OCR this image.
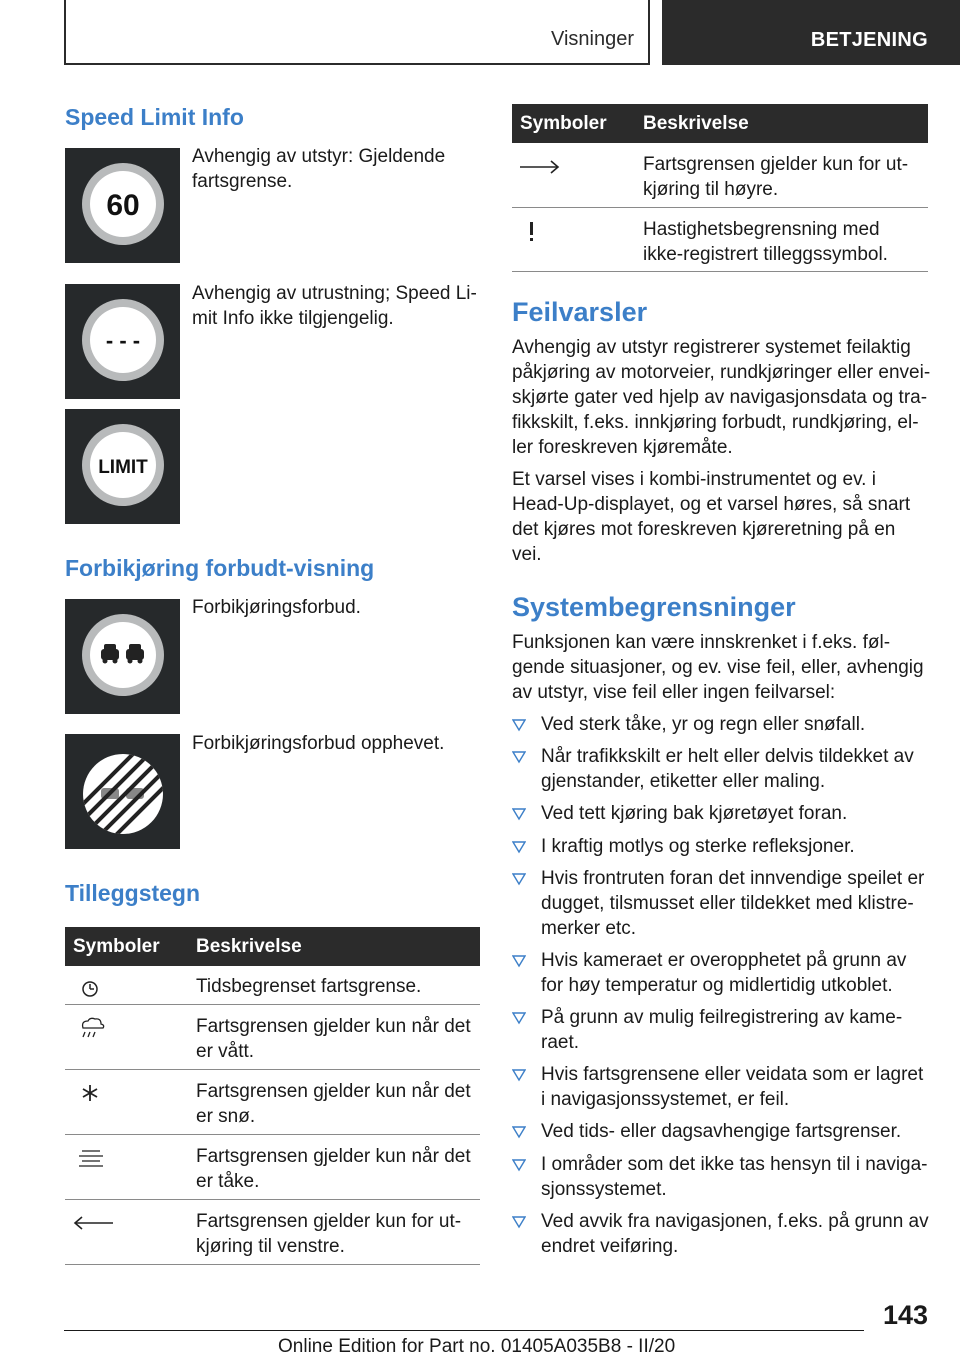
Visninger	BETJENING
Speed Limit Info
60
Avhengig av utstyr: Gjeldende fartsgrense.
- - -
Avhengig av utrustning; Speed Limit Info ikke tilgjengelig.
LIMIT
Forbikjøring forbudt-visning
Forbikjøringsforbud.
Forbikjøringsforbud opphevet.
Tilleggstegn
Symboler Beskrivelse
Tidsbegrenset fartsgrense.
Fartsgrensen gjelder kun når det
er vått.
Fartsgrensen gjelder kun når det
er snø.
Fartsgrensen gjelder kun når det
er tåke.
Fartsgrensen gjelder kun for ut‐
kjøring til venstre.
Symboler Beskrivelse
Fartsgrensen gjelder kun for ut‐
kjøring til høyre.
Hastighetsbegrensning med
ikke-registrert tilleggssymbol.
Feilvarsler
Avhengig av utstyr registrerer systemet feilaktig
påkjøring av motorveier, rundkjøringer eller envei‐
skjørte gater ved hjelp av navigasjonsdata og tra‐
fikkskilt, f.eks. innkjøring forbudt, rundkjøring, el‐
ler foreskreven kjøremåte.
Et varsel vises i kombi-instrumentet og ev. i
Head-Up-displayet, og et varsel høres, så snart
det kjøres mot foreskreven kjøreretning på en
vei.
Systembegrensninger
Funksjonen kan være innskrenket i f.eks. føl‐
gende situasjoner, og ev. vise feil, eller, avhengig
av utstyr, vise feil eller ingen feilvarsel:
Ved sterk tåke, yr og regn eller snøfall.
Når trafikkskilt er helt eller delvis tildekket av
gjenstander, etiketter eller maling.
Ved tett kjøring bak kjøretøyet foran.
I kraftig motlys og sterke refleksjoner.
Hvis frontruten foran det innvendige speilet er
dugget, tilsmusset eller tildekket med klistre‐
merker etc.
Hvis kameraet er overopphetet på grunn av
for høy temperatur og midlertidig utkoblet.
På grunn av mulig feilregistrering av kame‐
raet.
Hvis fartsgrensene eller veidata som er lagret
i navigasjonssystemet, er feil.
Ved tids- eller dagsavhengige fartsgrenser.
I områder som det ikke tas hensyn til i naviga‐
sjonssystemet.
Ved avvik fra navigasjonen, f.eks. på grunn av
endret veiføring.
143
Online Edition for Part no. 01405A035B8 - II/20
